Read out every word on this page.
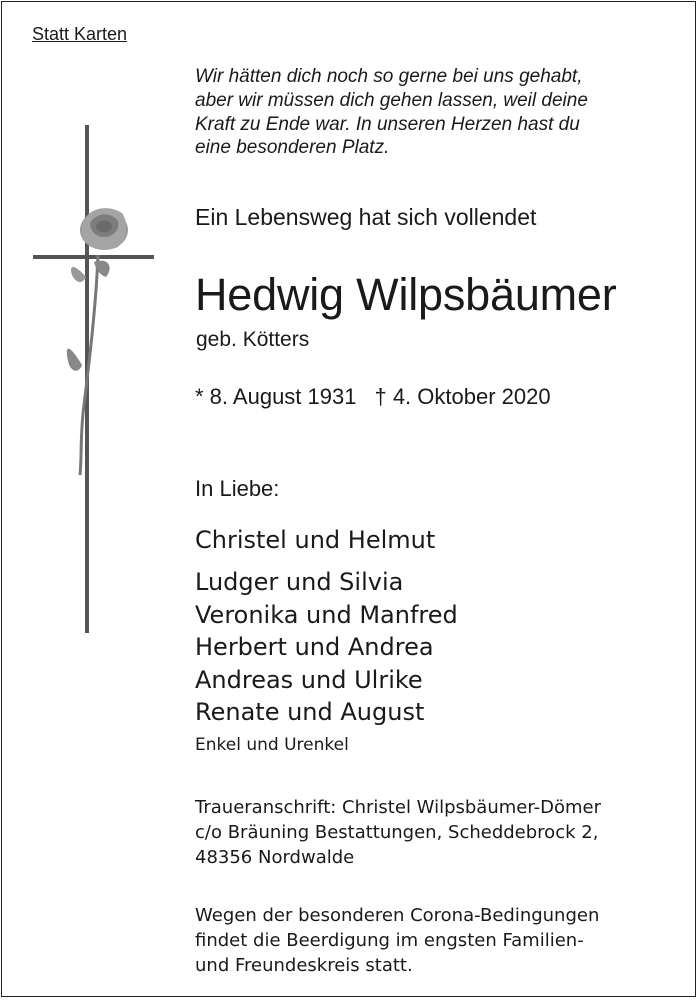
Statt Karten
Wir hätten dich noch so gerne bei uns gehabt,
aber wir müssen dich gehen lassen, weil deine
Kraft zu Ende war. In unseren Herzen hast du
eine besonderen Platz.
Ein Lebensweg hat sich vollendet
Hedwig Wilpsbäumer
geb. Kötters
* 8. August 1931 † 4. Oktober 2020
In Liebe:
Christel und Helmut
Ludger und Silvia
Veronika und Manfred
Herbert und Andrea
Andreas und Ulrike
Renate und August
Enkel und Urenkel
Traueranschrift: Christel Wilpsbäumer-Dömer
c/o Bräuning Bestattungen, Scheddebrock 2,
48356 Nordwalde
Wegen der besonderen Corona-Bedingungen
findet die Beerdigung im engsten Familien-
und Freundeskreis statt.
